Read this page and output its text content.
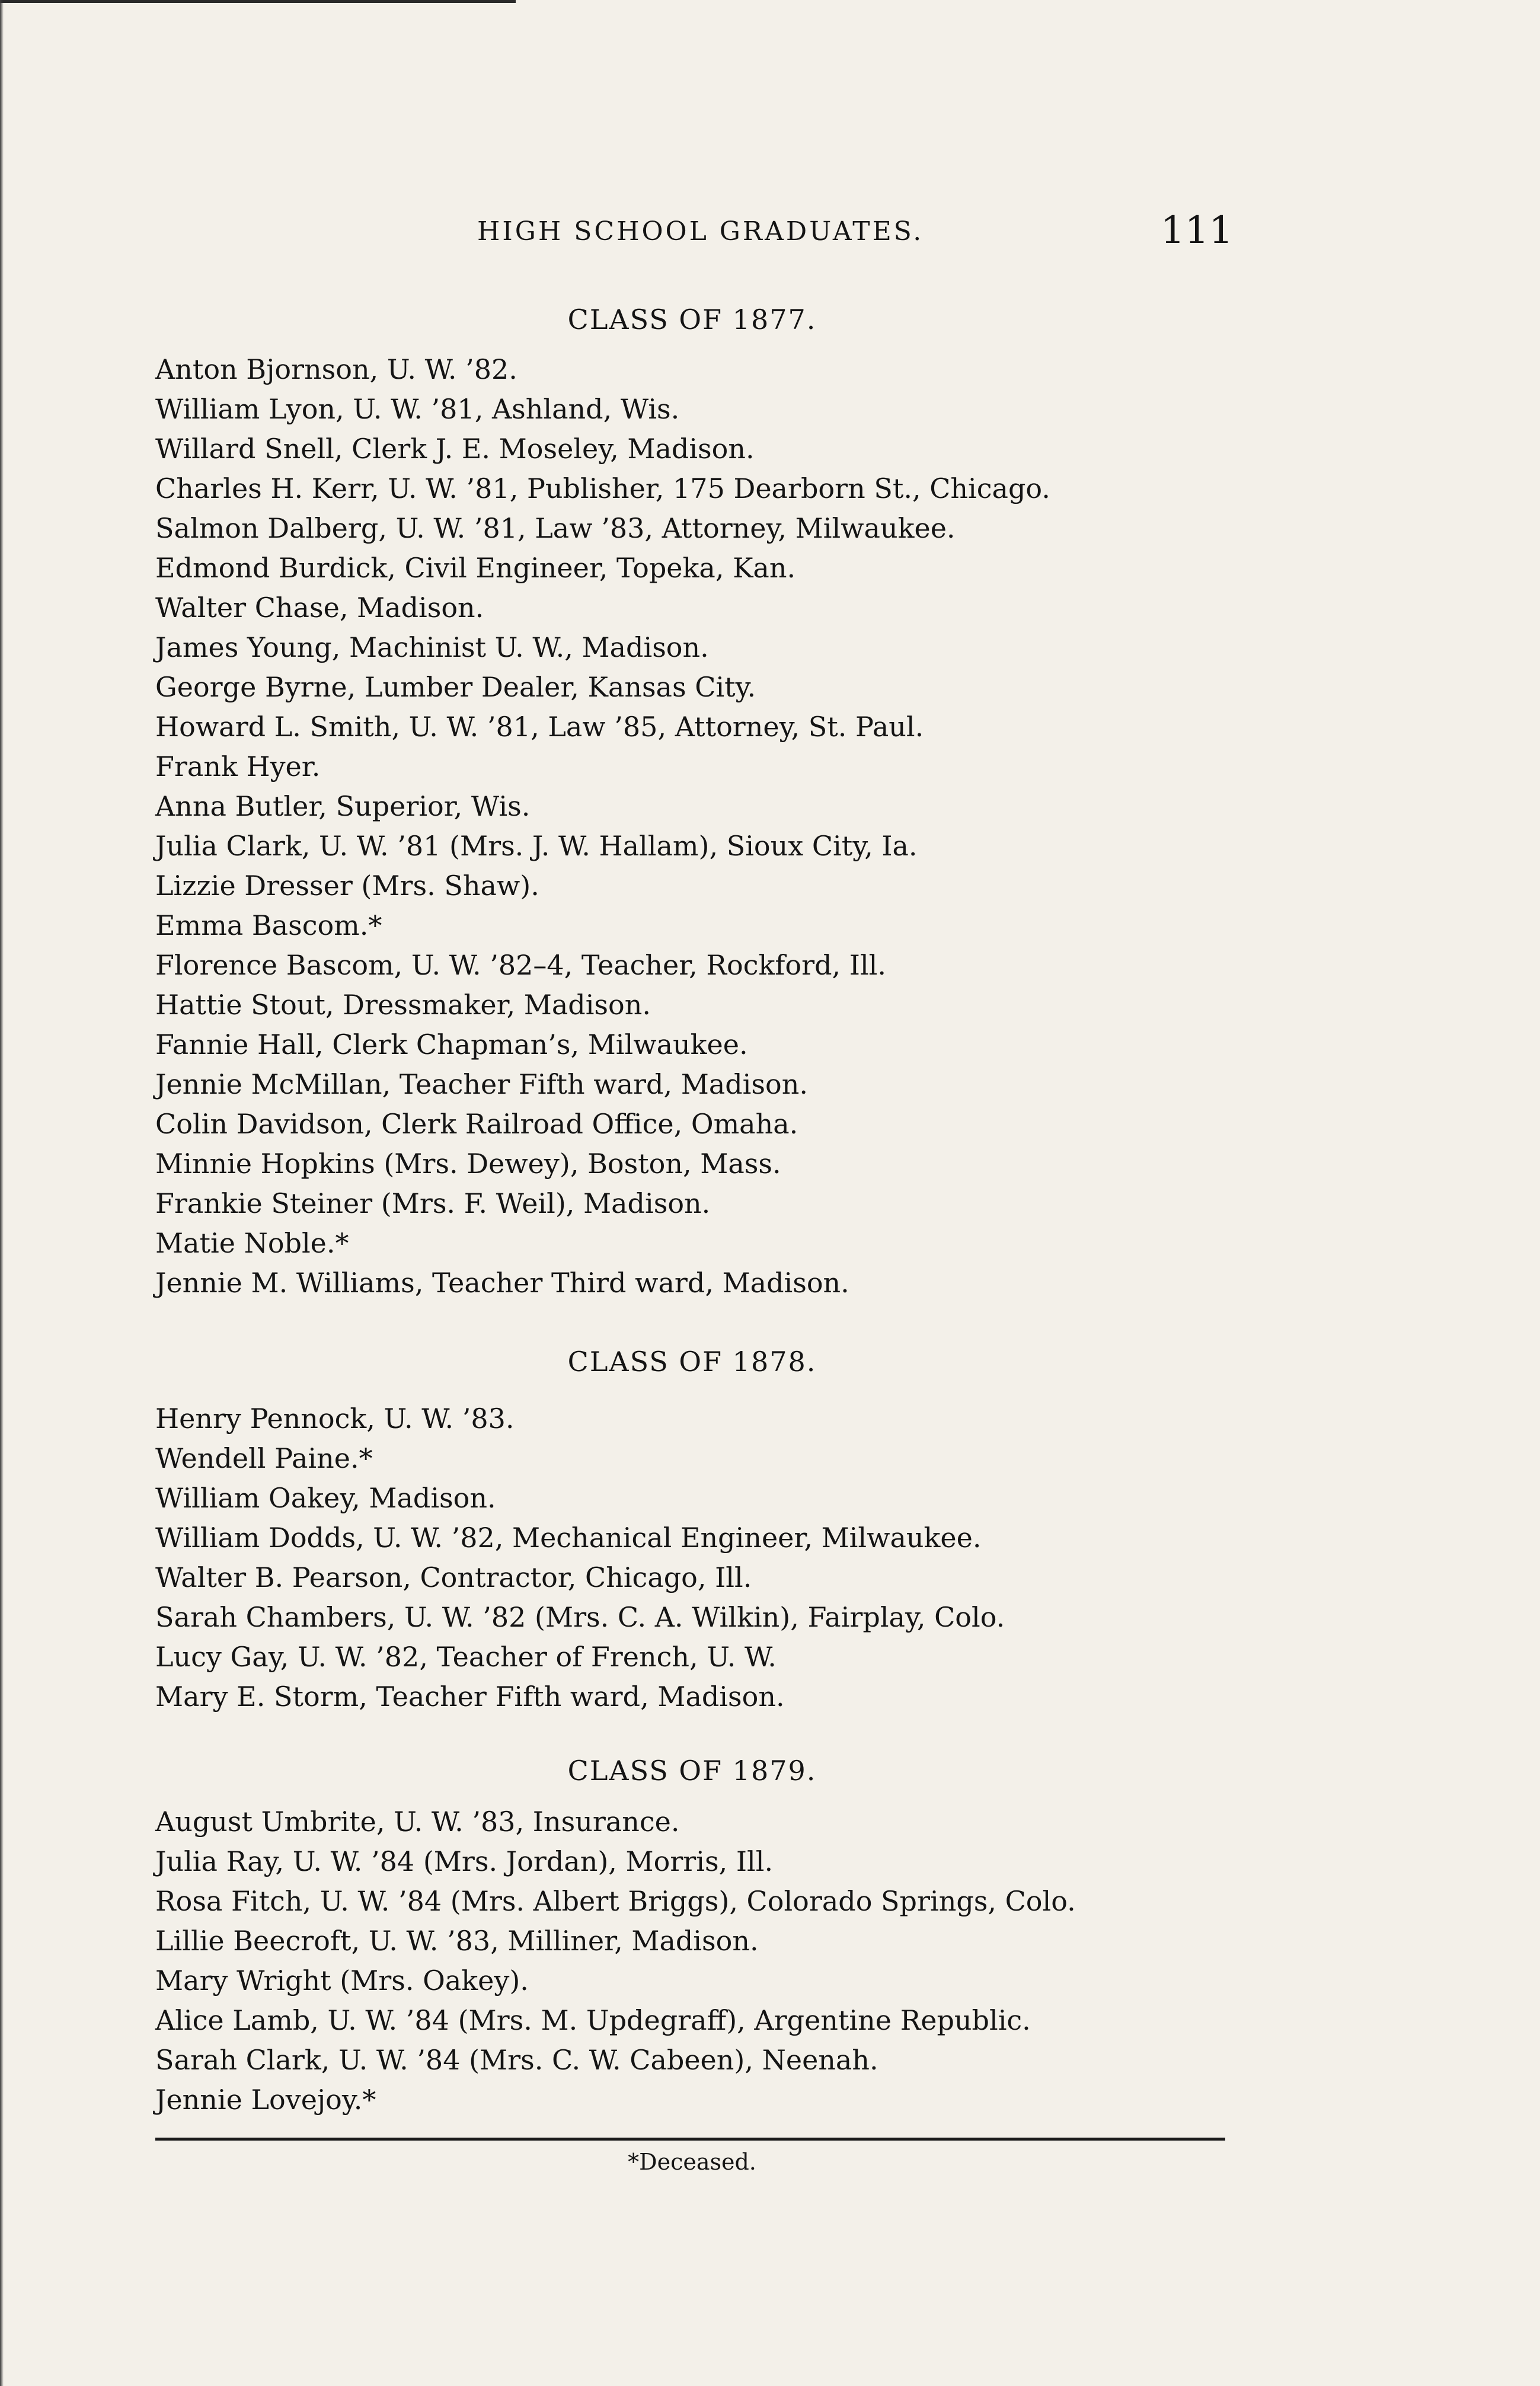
HIGH SCHOOL GRADUATES.	111
CLASS OF 1877.
Anton Bjornson, U. W. ’82.
William Lyon, U. W. ’81, Ashland, Wis.
Willard Snell, Clerk J. E. Moseley, Madison.
Charles H. Kerr, U. W. ’81, Publisher, 175 Dearborn St., Chicago.
Salmon Dalberg, U. W. ’81, Law ’83, Attorney, Milwaukee.
Edmond Burdick, Civil Engineer, Topeka, Kan.
Walter Chase, Madison.
James Young, Machinist U. W., Madison.
George Byrne, Lumber Dealer, Kansas City.
Howard L. Smith, U. W. ’81, Law ’85, Attorney, St. Paul.
Frank Hyer.
Anna Butler, Superior, Wis.
Julia Clark, U. W. ’81 (Mrs. J. W. Hallam), Sioux City, Ia.
Lizzie Dresser (Mrs. Shaw).
Emma Bascom.*
Florence Bascom, U. W. ’82–4, Teacher, Rockford, Ill.
Hattie Stout, Dressmaker, Madison.
Fannie Hall, Clerk Chapman’s, Milwaukee.
Jennie McMillan, Teacher Fifth ward, Madison.
Colin Davidson, Clerk Railroad Office, Omaha.
Minnie Hopkins (Mrs. Dewey), Boston, Mass.
Frankie Steiner (Mrs. F. Weil), Madison.
Matie Noble.*
Jennie M. Williams, Teacher Third ward, Madison.
CLASS OF 1878.
Henry Pennock, U. W. ’83.
Wendell Paine.*
William Oakey, Madison.
William Dodds, U. W. ’82, Mechanical Engineer, Milwaukee.
Walter B. Pearson, Contractor, Chicago, Ill.
Sarah Chambers, U. W. ’82 (Mrs. C. A. Wilkin), Fairplay, Colo.
Lucy Gay, U. W. ’82, Teacher of French, U. W.
Mary E. Storm, Teacher Fifth ward, Madison.
CLASS OF 1879.
August Umbrite, U. W. ’83, Insurance.
Julia Ray, U. W. ’84 (Mrs. Jordan), Morris, Ill.
Rosa Fitch, U. W. ’84 (Mrs. Albert Briggs), Colorado Springs, Colo.
Lillie Beecroft, U. W. ’83, Milliner, Madison.
Mary Wright (Mrs. Oakey).
Alice Lamb, U. W. ’84 (Mrs. M. Updegraff), Argentine Republic.
Sarah Clark, U. W. ’84 (Mrs. C. W. Cabeen), Neenah.
Jennie Lovejoy.*
*Deceased.
